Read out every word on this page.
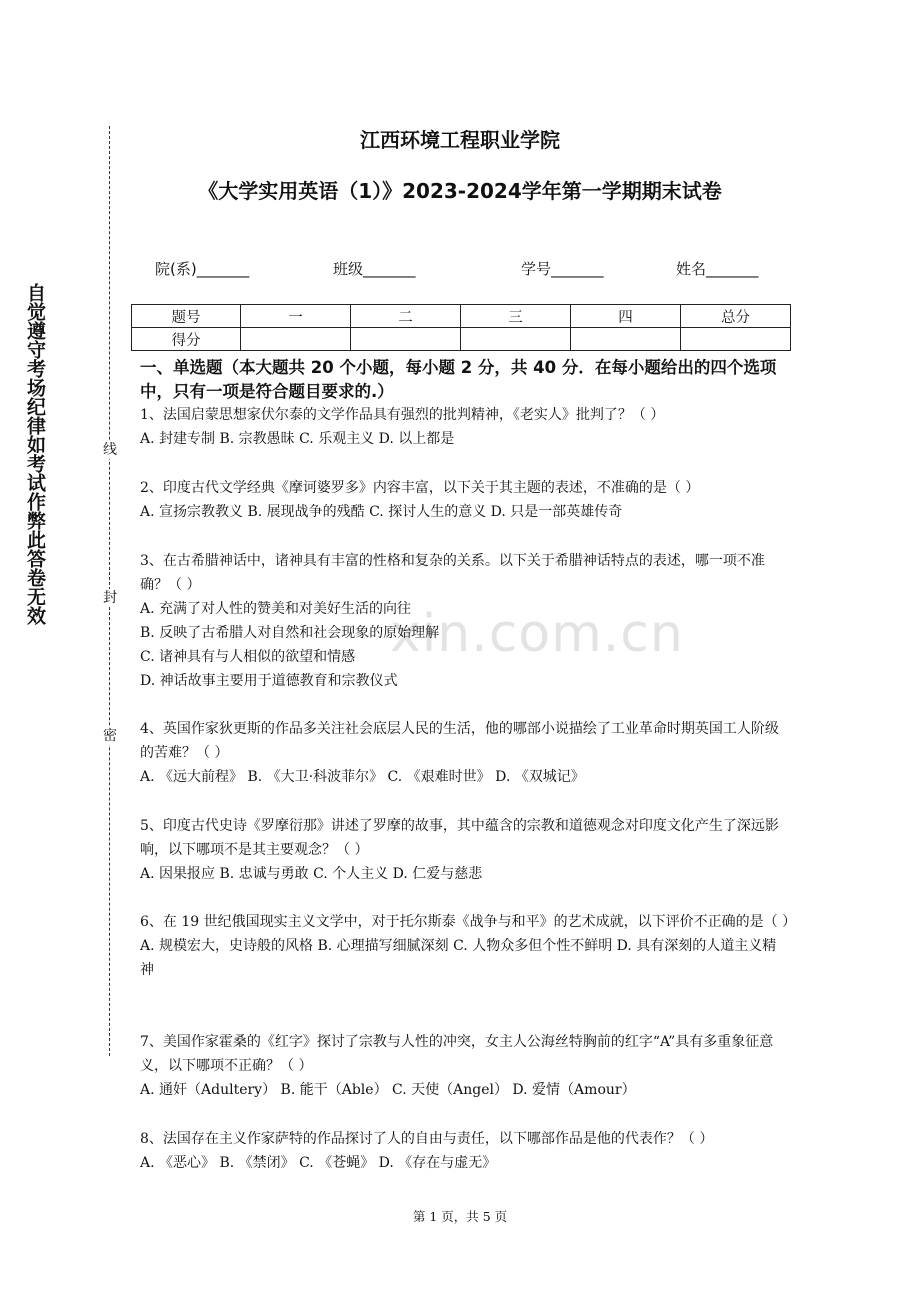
自觉遵守考场纪律如考试作弊此答卷无效	线
封
密
xin.com.cn
江西环境工程职业学院
《大学实用英语（1）》2023-2024学年第一学期期末试卷
院(系)_______	班级_______	学号_______	姓名_______
题号	一	二	三	四	总分
得分					
一、单选题（本大题共 20 个小题，每小题 2 分，共 40 分．在每小题给出的四个选项中，只有一项是符合题目要求的.）

1、法国启蒙思想家伏尔泰的文学作品具有强烈的批判精神，《老实人》批判了？（ ）

A. 封建专制 B. 宗教愚昧 C. 乐观主义 D. 以上都是

2、印度古代文学经典《摩诃婆罗多》内容丰富，以下关于其主题的表述，不准确的是（ ）

A. 宣扬宗教教义 B. 展现战争的残酷 C. 探讨人生的意义 D. 只是一部英雄传奇

3、在古希腊神话中，诸神具有丰富的性格和复杂的关系。以下关于希腊神话特点的表述，哪一项不准确？（ ）

A. 充满了对人性的赞美和对美好生活的向往

B. 反映了古希腊人对自然和社会现象的原始理解

C. 诸神具有与人相似的欲望和情感

D. 神话故事主要用于道德教育和宗教仪式

4、英国作家狄更斯的作品多关注社会底层人民的生活，他的哪部小说描绘了工业革命时期英国工人阶级的苦难？（ ）

A. 《远大前程》 B. 《大卫·科波菲尔》 C. 《艰难时世》 D. 《双城记》

5、印度古代史诗《罗摩衍那》讲述了罗摩的故事，其中蕴含的宗教和道德观念对印度文化产生了深远影响，以下哪项不是其主要观念？（ ）

A. 因果报应 B. 忠诚与勇敢 C. 个人主义 D. 仁爱与慈悲

6、在 19 世纪俄国现实主义文学中，对于托尔斯泰《战争与和平》的艺术成就，以下评价不正确的是（ ）

A. 规模宏大，史诗般的风格 B. 心理描写细腻深刻 C. 人物众多但个性不鲜明 D. 具有深刻的人道主义精神

7、美国作家霍桑的《红字》探讨了宗教与人性的冲突，女主人公海丝特胸前的红字“A”具有多重象征意义，以下哪项不正确？（ ）

A. 通奸（Adultery） B. 能干（Able） C. 天使（Angel） D. 爱情（Amour）

8、法国存在主义作家萨特的作品探讨了人的自由与责任，以下哪部作品是他的代表作？（ ）

A. 《恶心》 B. 《禁闭》 C. 《苍蝇》 D. 《存在与虚无》

第 1 页，共 5 页
